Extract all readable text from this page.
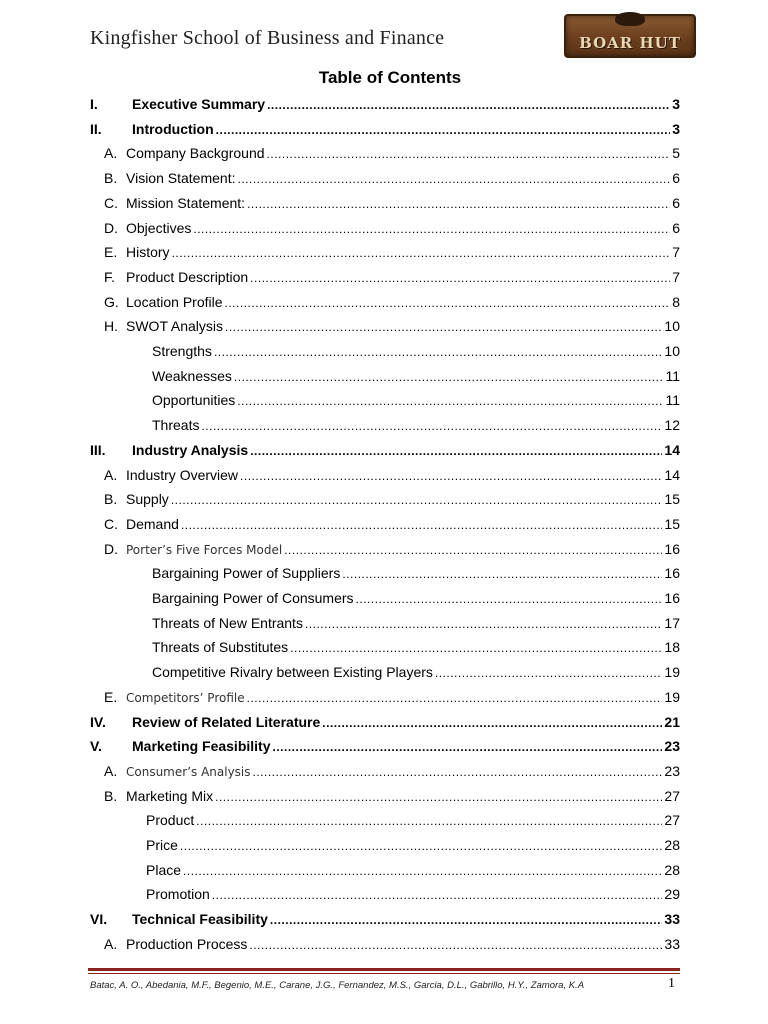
Kingfisher School of Business and Finance	BOAR HUT
Table of Contents
I.	Executive Summary .....	3
II.	Introduction .....	3
A. Company Background .....	5
B. Vision Statement: .....	6
C. Mission Statement: .....	6
D. Objectives .....	6
E. History .....	7
F. Product Description .....	7
G. Location Profile .....	8
H. SWOT Analysis .....	10
Strengths .....	10
Weaknesses .....	11
Opportunities .....	11
Threats .....	12
III.	Industry Analysis .....	14
A. Industry Overview .....	14
B. Supply .....	15
C. Demand .....	15
D. Porter’s Five Forces Model .....	16
Bargaining Power of Suppliers .....	16
Bargaining Power of Consumers .....	16
Threats of New Entrants .....	17
Threats of Substitutes .....	18
Competitive Rivalry between Existing Players .....	19
E. Competitors’ Profile .....	19
IV.	Review of Related Literature .....	21
V.	Marketing Feasibility .....	23
A. Consumer’s Analysis .....	23
B. Marketing Mix .....	27
Product .....	27
Price .....	28
Place .....	28
Promotion .....	29
VI.	Technical Feasibility .....	33
A. Production Process .....	33
Batac, A. O., Abedania, M.F., Begenio, M.E., Carane, J.G., Fernandez, M.S., Garcia, D.L., Gabrillo, H.Y., Zamora, K.A	1
